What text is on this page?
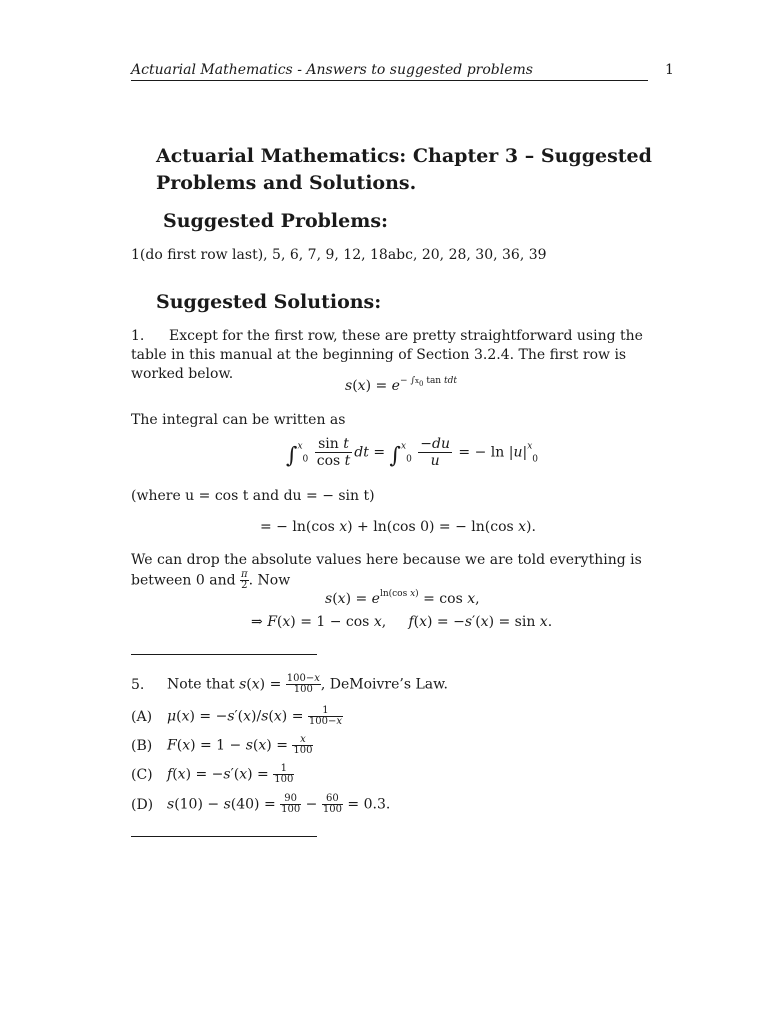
Actuarial Mathematics - Answers to suggested problems	1
Actuarial Mathematics: Chapter 3 – Suggested Problems and Solutions.
Suggested Problems:
1(do first row last), 5, 6, 7, 9, 12, 18abc, 20, 28, 30, 36, 39
Suggested Solutions:
1. Except for the first row, these are pretty straightforward using the table in this manual at the beginning of Section 3.2.4. The first row is worked below.
$s(x) = e^{- \int x_0 tan tdt}$
The integral can be written as
$\int^x_0 \frac{\text{sin t}}{\text{cos t}}$ dt = $\int^x_0 \frac{-du}{u}$ = − $\ln |u|^x_0$
(where u = cos t and du = − sin t)
= − ln(cos x) + ln(cos 0) = − ln(cos x).
We can drop the absolute values here because we are told everything is between 0 and $\frac{\pi}{2}$ . Now
$s(x) = e^{ln(cos x)} = \cos x$,
⇒ F(x) = 1 − cos x,     f(x) = −s′(x) = sin x.
5. Note that $s(x) = \frac{100-x}{100}$ , DeMoivre’s Law.
(A) $\mu(x) = -s'(x)/s(x) = \frac{1}{100-x}$
(B) $F(x) = 1 - s(x) = \frac{x}{100}$
(C) $f(x) = -s'(x) = \frac{1}{100}$
(D) $s(10) - s(40) = \frac{90}{100} - \frac{60}{100} = 0.3$.
